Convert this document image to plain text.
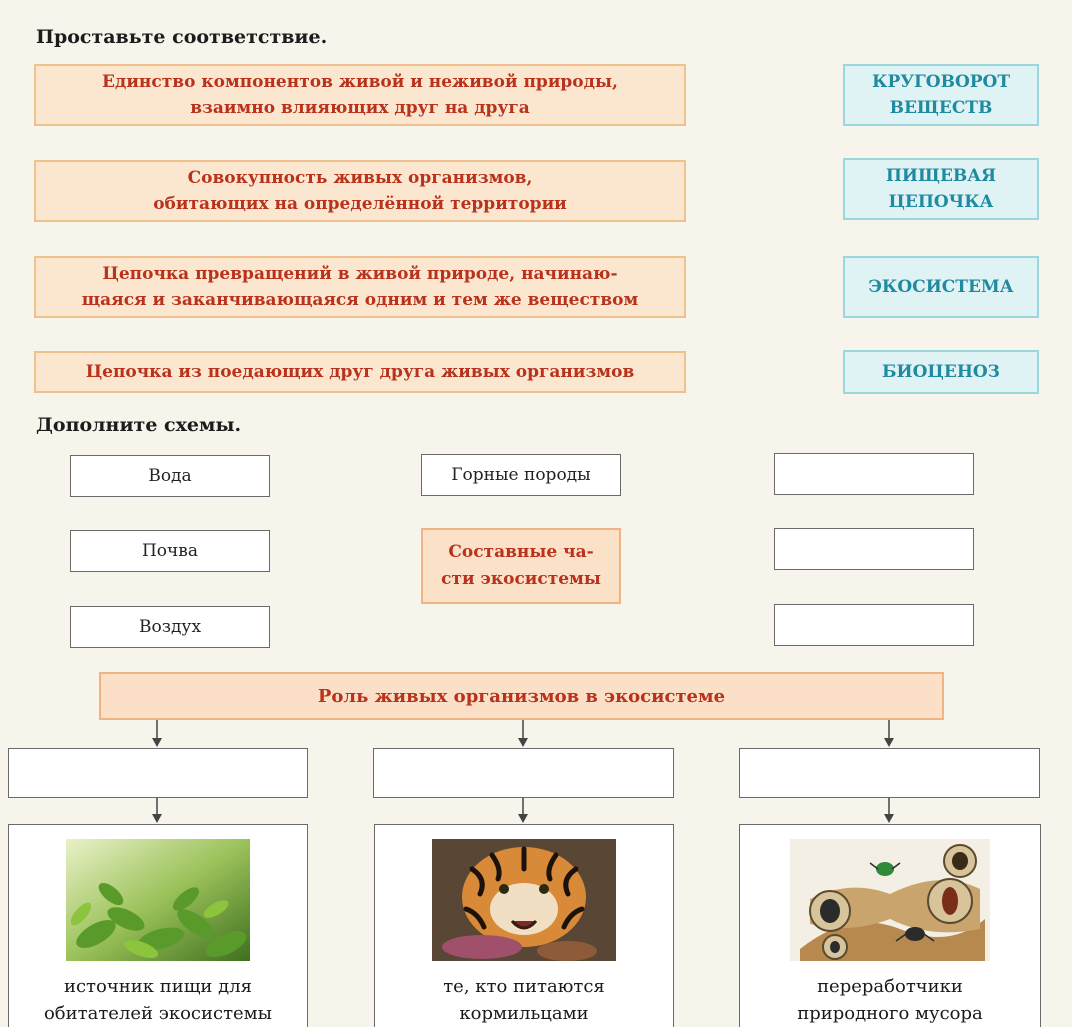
Проставьте соответствие.
Единство компонентов живой и неживой природы,
взаимно влияющих друг на друга
Совокупность живых организмов,
обитающих на определённой территории
Цепочка превращений в живой природе, начинаю-
щаяся и заканчивающаяся одним и тем же веществом
Цепочка из поедающих друг друга живых организмов
КРУГОВОРОТ
ВЕЩЕСТВ
ПИЩЕВАЯ
ЦЕПОЧКА
ЭКОСИСТЕМА
БИОЦЕНОЗ
Дополните схемы.
Вода
Почва
Воздух
Горные породы
Составные ча-
сти экосистемы
Роль живых организмов в экосистеме
источник пищи для
обитателей экосистемы
те, кто питаются
кормильцами
переработчики
природного мусора
